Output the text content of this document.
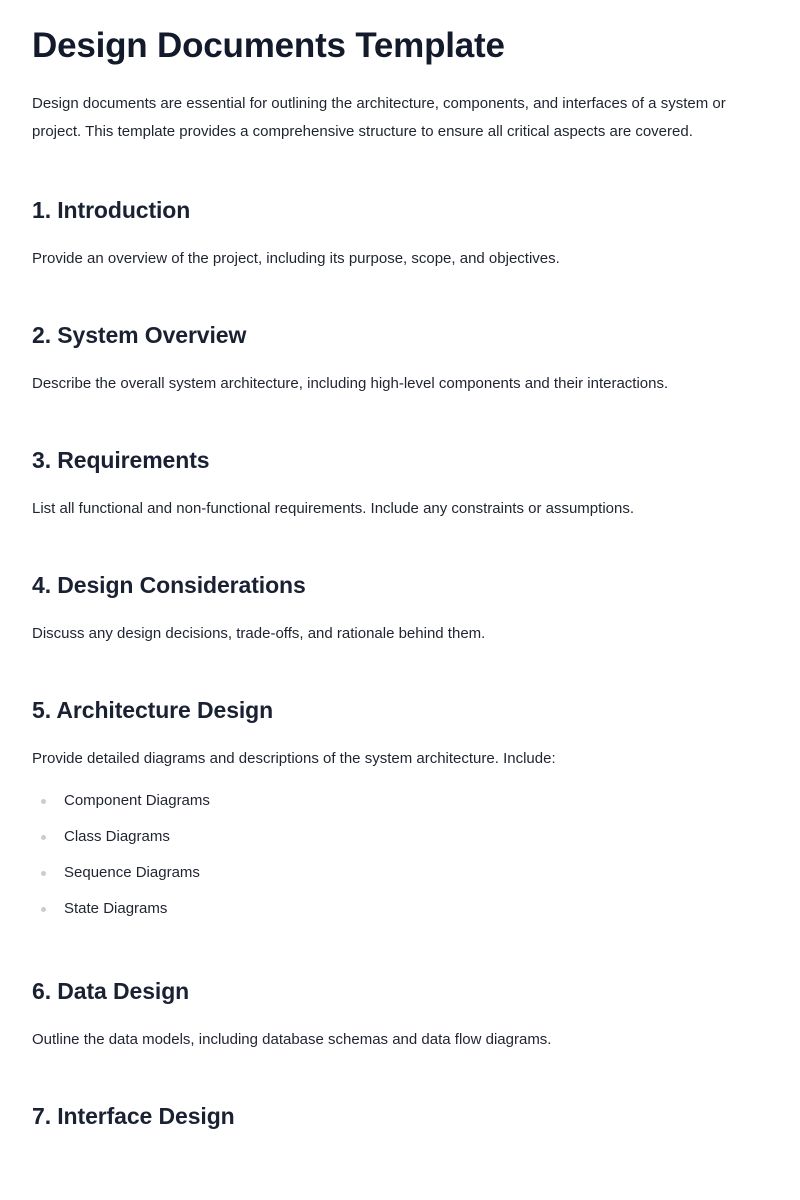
Design Documents Template

Design documents are essential for outlining the architecture, components, and interfaces of a system or project. This template provides a comprehensive structure to ensure all critical aspects are covered.

1. Introduction

Provide an overview of the project, including its purpose, scope, and objectives.

2. System Overview

Describe the overall system architecture, including high-level components and their interactions.

3. Requirements

List all functional and non-functional requirements. Include any constraints or assumptions.

4. Design Considerations

Discuss any design decisions, trade-offs, and rationale behind them.

5. Architecture Design

Provide detailed diagrams and descriptions of the system architecture. Include:

Component Diagrams
Class Diagrams
Sequence Diagrams
State Diagrams
6. Data Design

Outline the data models, including database schemas and data flow diagrams.

7. Interface Design
